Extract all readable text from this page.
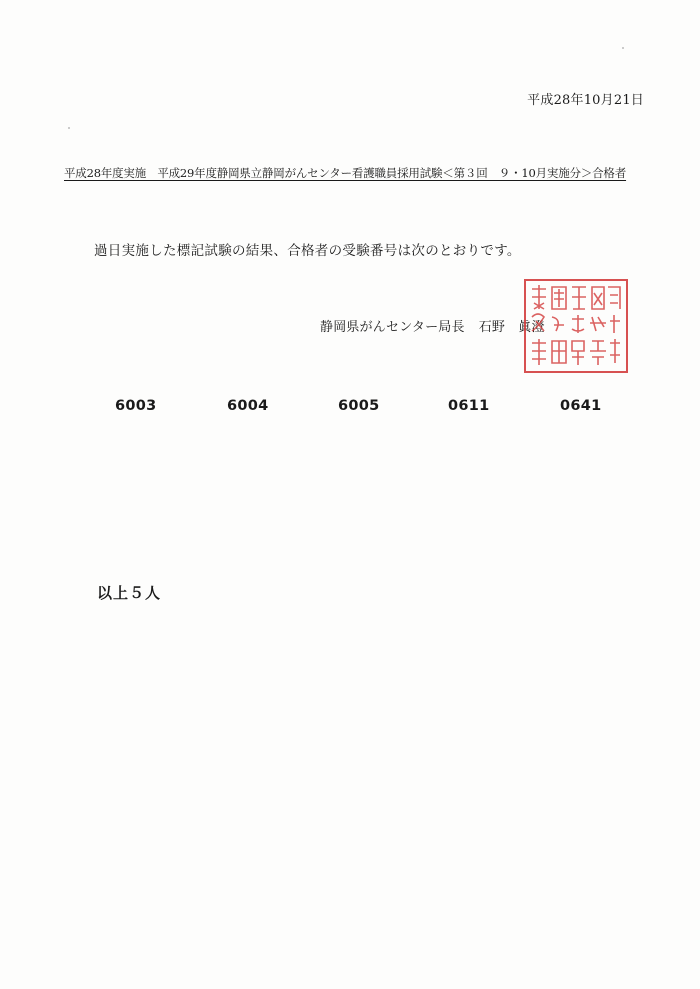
平成28年10月21日
平成28年度実施　平成29年度静岡県立静岡がんセンター看護職員採用試験＜第３回　９・10月実施分＞合格者
過日実施した標記試験の結果、合格者の受験番号は次のとおりです。
静岡県がんセンター局長 石野　眞澄
6003	6004	6005	0611	0641
以上５人
